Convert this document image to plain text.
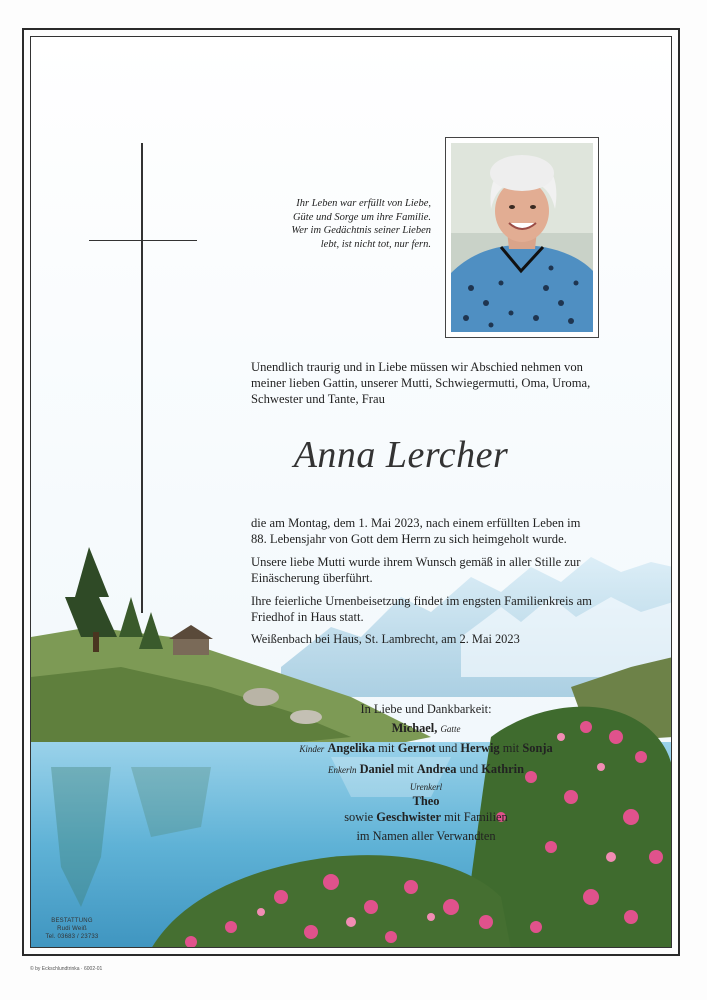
Ihr Leben war erfüllt von Liebe,

Güte und Sorge um ihre Familie.

Wer im Gedächtnis seiner Lieben

lebt, ist nicht tot, nur fern.

Unendlich traurig und in Liebe müssen wir Abschied nehmen von
meiner lieben Gattin, unserer Mutti, Schwiegermutti, Oma, Uroma,
Schwester und Tante, Frau
Anna Lercher

die am Montag, dem 1. Mai 2023, nach einem erfüllten Leben im
88. Lebensjahr von Gott dem Herrn zu sich heimgeholt wurde.

Unsere liebe Mutti wurde ihrem Wunsch gemäß in aller Stille zur
Einäscherung überführt.

Ihre feierliche Urnenbeisetzung findet im engsten Familienkreis am
Friedhof in Haus statt.

Weißenbach bei Haus, St. Lambrecht, am 2. Mai 2023
In Liebe und Dankbarkeit:
Michael, Gatte
Kinder Angelika mit Gernot und Herwig mit Sonja
Enkerln Daniel mit Andrea und Kathrin
Urenkerl
Theo
sowie Geschwister mit Familien
im Namen aller Verwandten
BESTATTUNG
Rudi Weiß
Tel. 03683 / 23733
© by Eckschlundtrinka · 6002-01
